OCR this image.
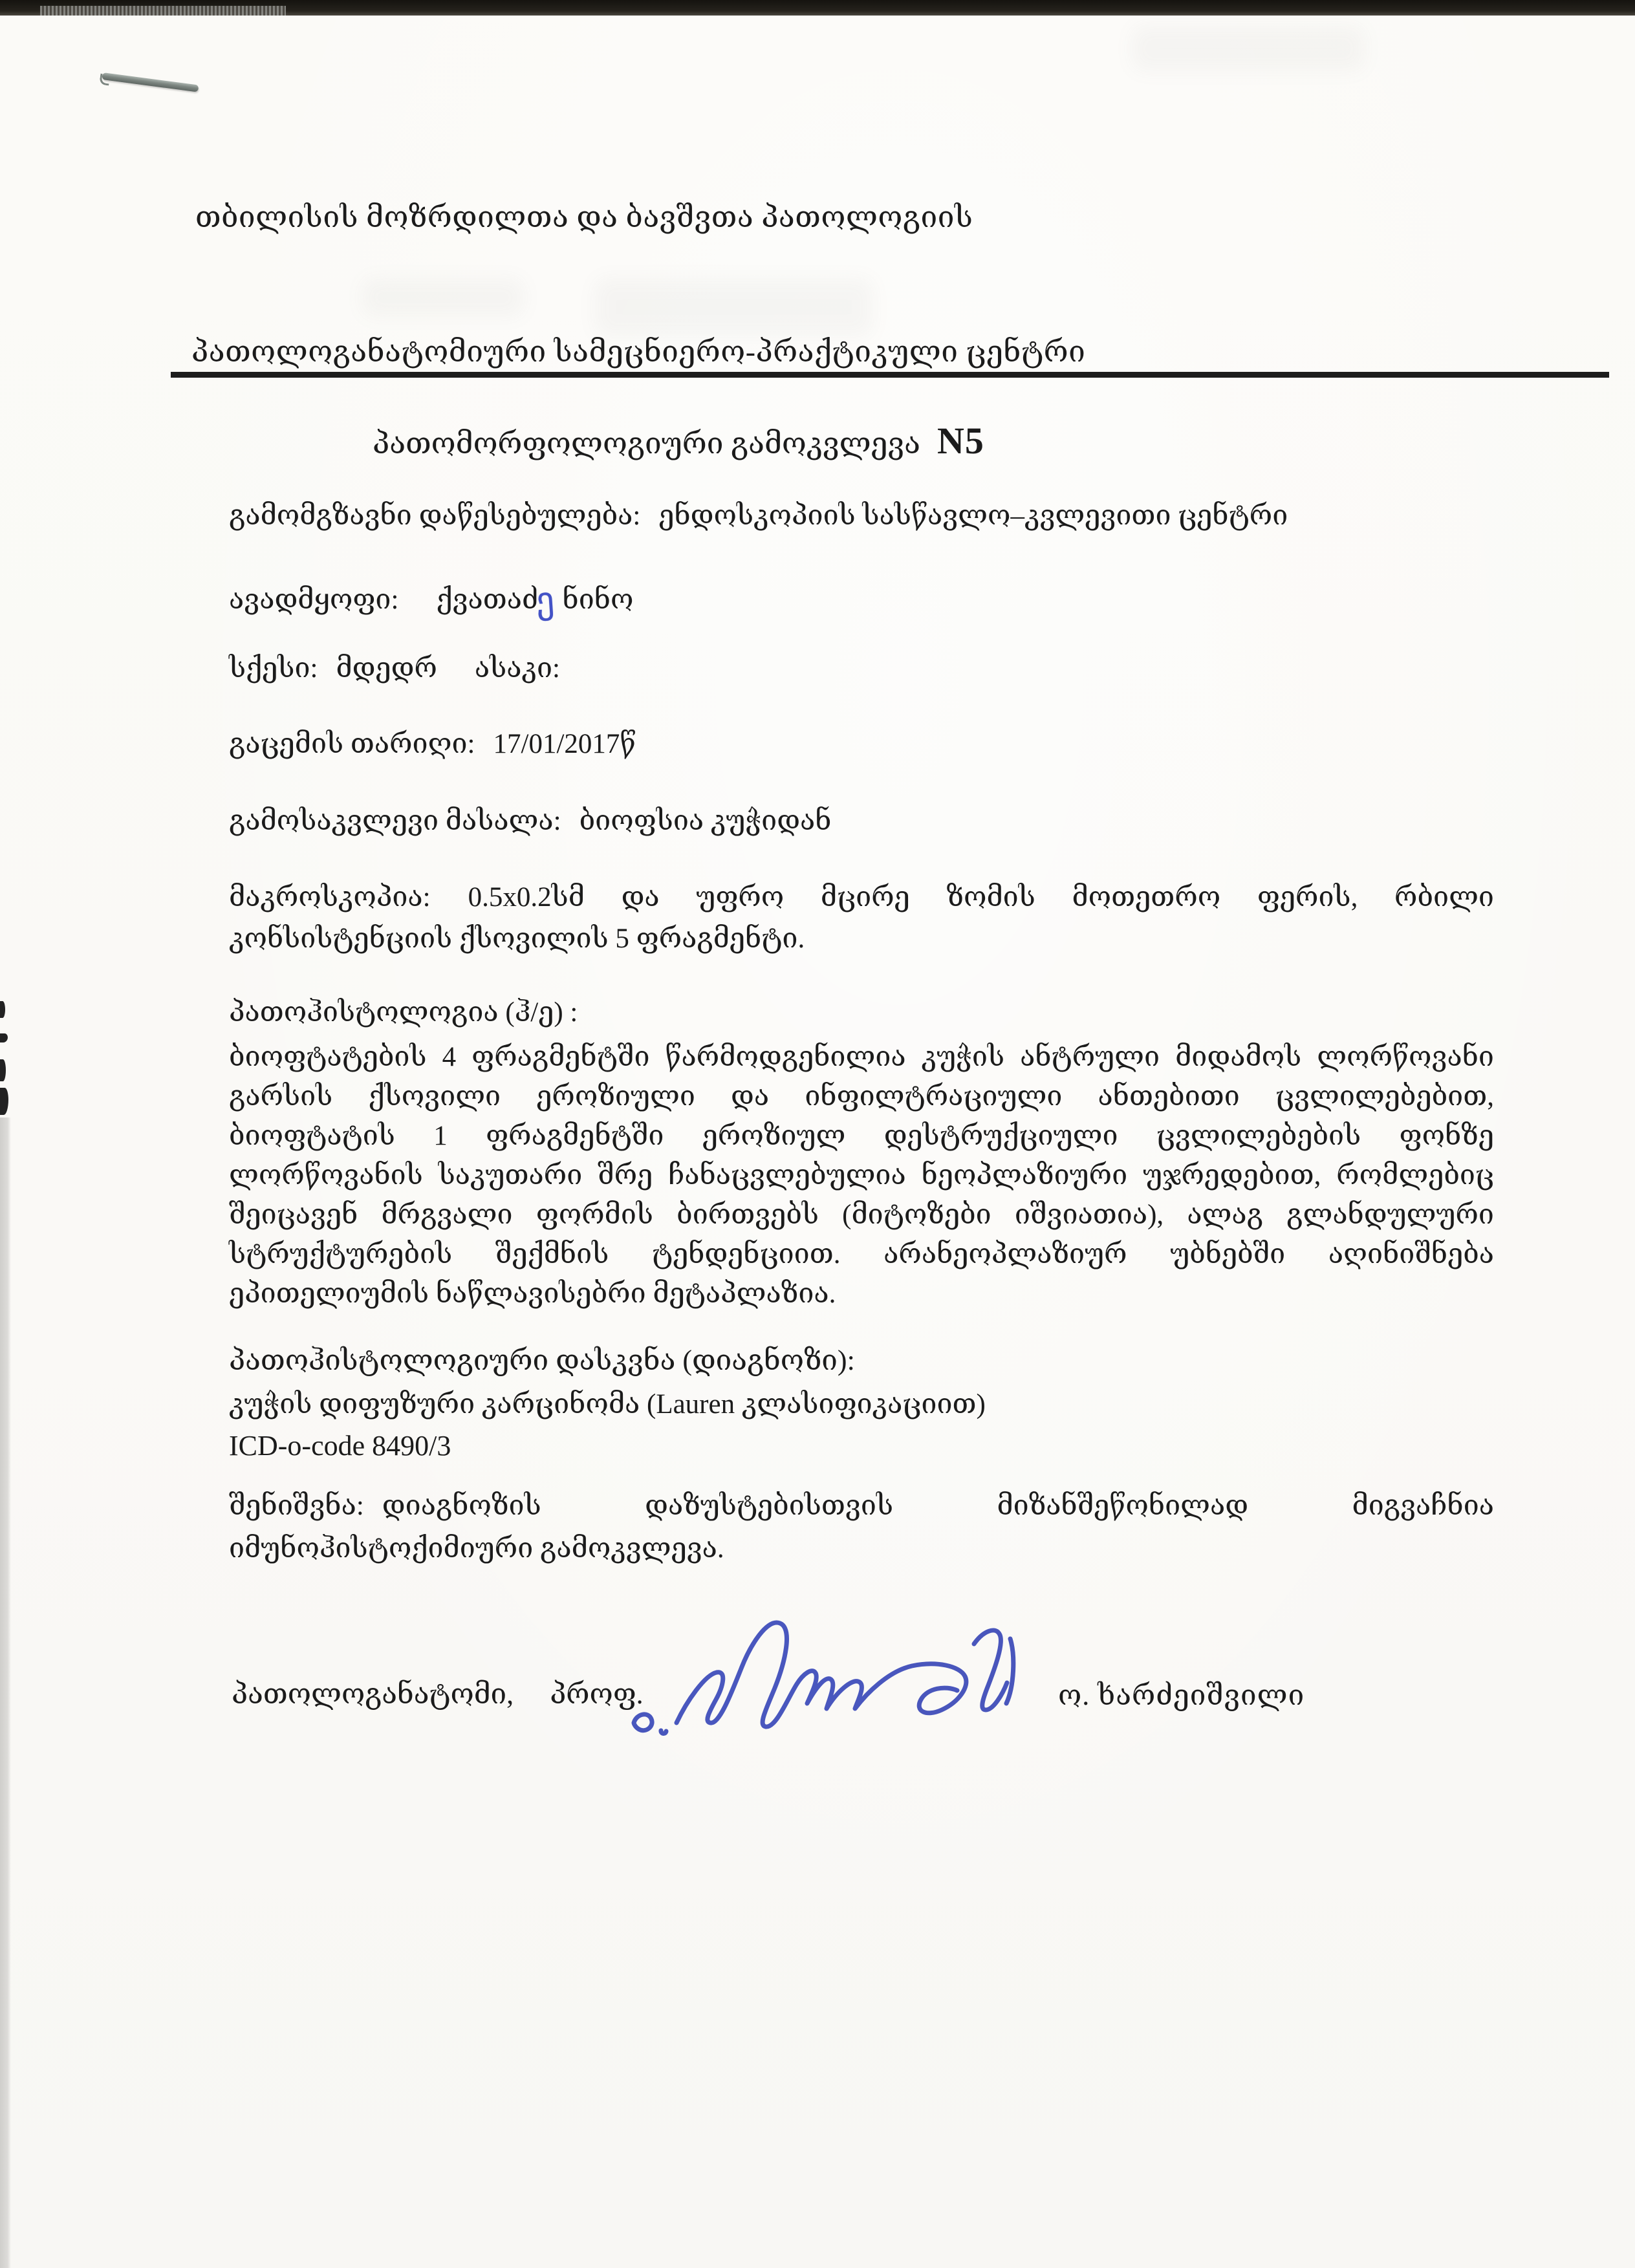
თბილისის მოზრდილთა და ბავშვთა პათოლოგიის
პათოლოგანატომიური სამეცნიერო-პრაქტიკული ცენტრი
პათომორფოლოგიური გამოკვლევა N5
გამომგზავნი დაწესებულება: ენდოსკოპიის სასწავლო–კვლევითი ცენტრი
ავადმყოფი: ქვათაძე ნინო
სქესი: მდედრ ასაკი:
გაცემის თარიღი: 17/01/2017წ
გამოსაკვლევი მასალა: ბიოფსია კუჭიდან
მაკროსკოპია: 0.5x0.2სმ და უფრო მცირე ზომის მოთეთრო ფერის, რბილი კონსისტენციის ქსოვილის 5 ფრაგმენტი.
პათოჰისტოლოგია (ჰ/ე) :
ბიოფტატების 4 ფრაგმენტში წარმოდგენილია კუჭის ანტრული მიდამოს ლორწოვანი გარსის ქსოვილი ეროზიული და ინფილტრაციული ანთებითი ცვლილებებით, ბიოფტატის 1 ფრაგმენტში ეროზიულ დესტრუქციული ცვლილებების ფონზე ლორწოვანის საკუთარი შრე ჩანაცვლებულია ნეოპლაზიური უჯრედებით, რომლებიც შეიცავენ მრგვალი ფორმის ბირთვებს (მიტოზები იშვიათია), ალაგ გლანდულური სტრუქტურების შექმნის ტენდენციით. არანეოპლაზიურ უბნებში აღინიშნება ეპითელიუმის ნაწლავისებრი მეტაპლაზია.
პათოჰისტოლოგიური დასკვნა (დიაგნოზი):
კუჭის დიფუზური კარცინომა (Lauren კლასიფიკაციით)
ICD-o-code 8490/3
შენიშვნა: დიაგნოზის დაზუსტებისთვის მიზანშეწონილად მიგვაჩნია იმუნოჰისტოქიმიური გამოკვლევა.
პათოლოგანატომი, პროფ.	ო. ხარძეიშვილი
